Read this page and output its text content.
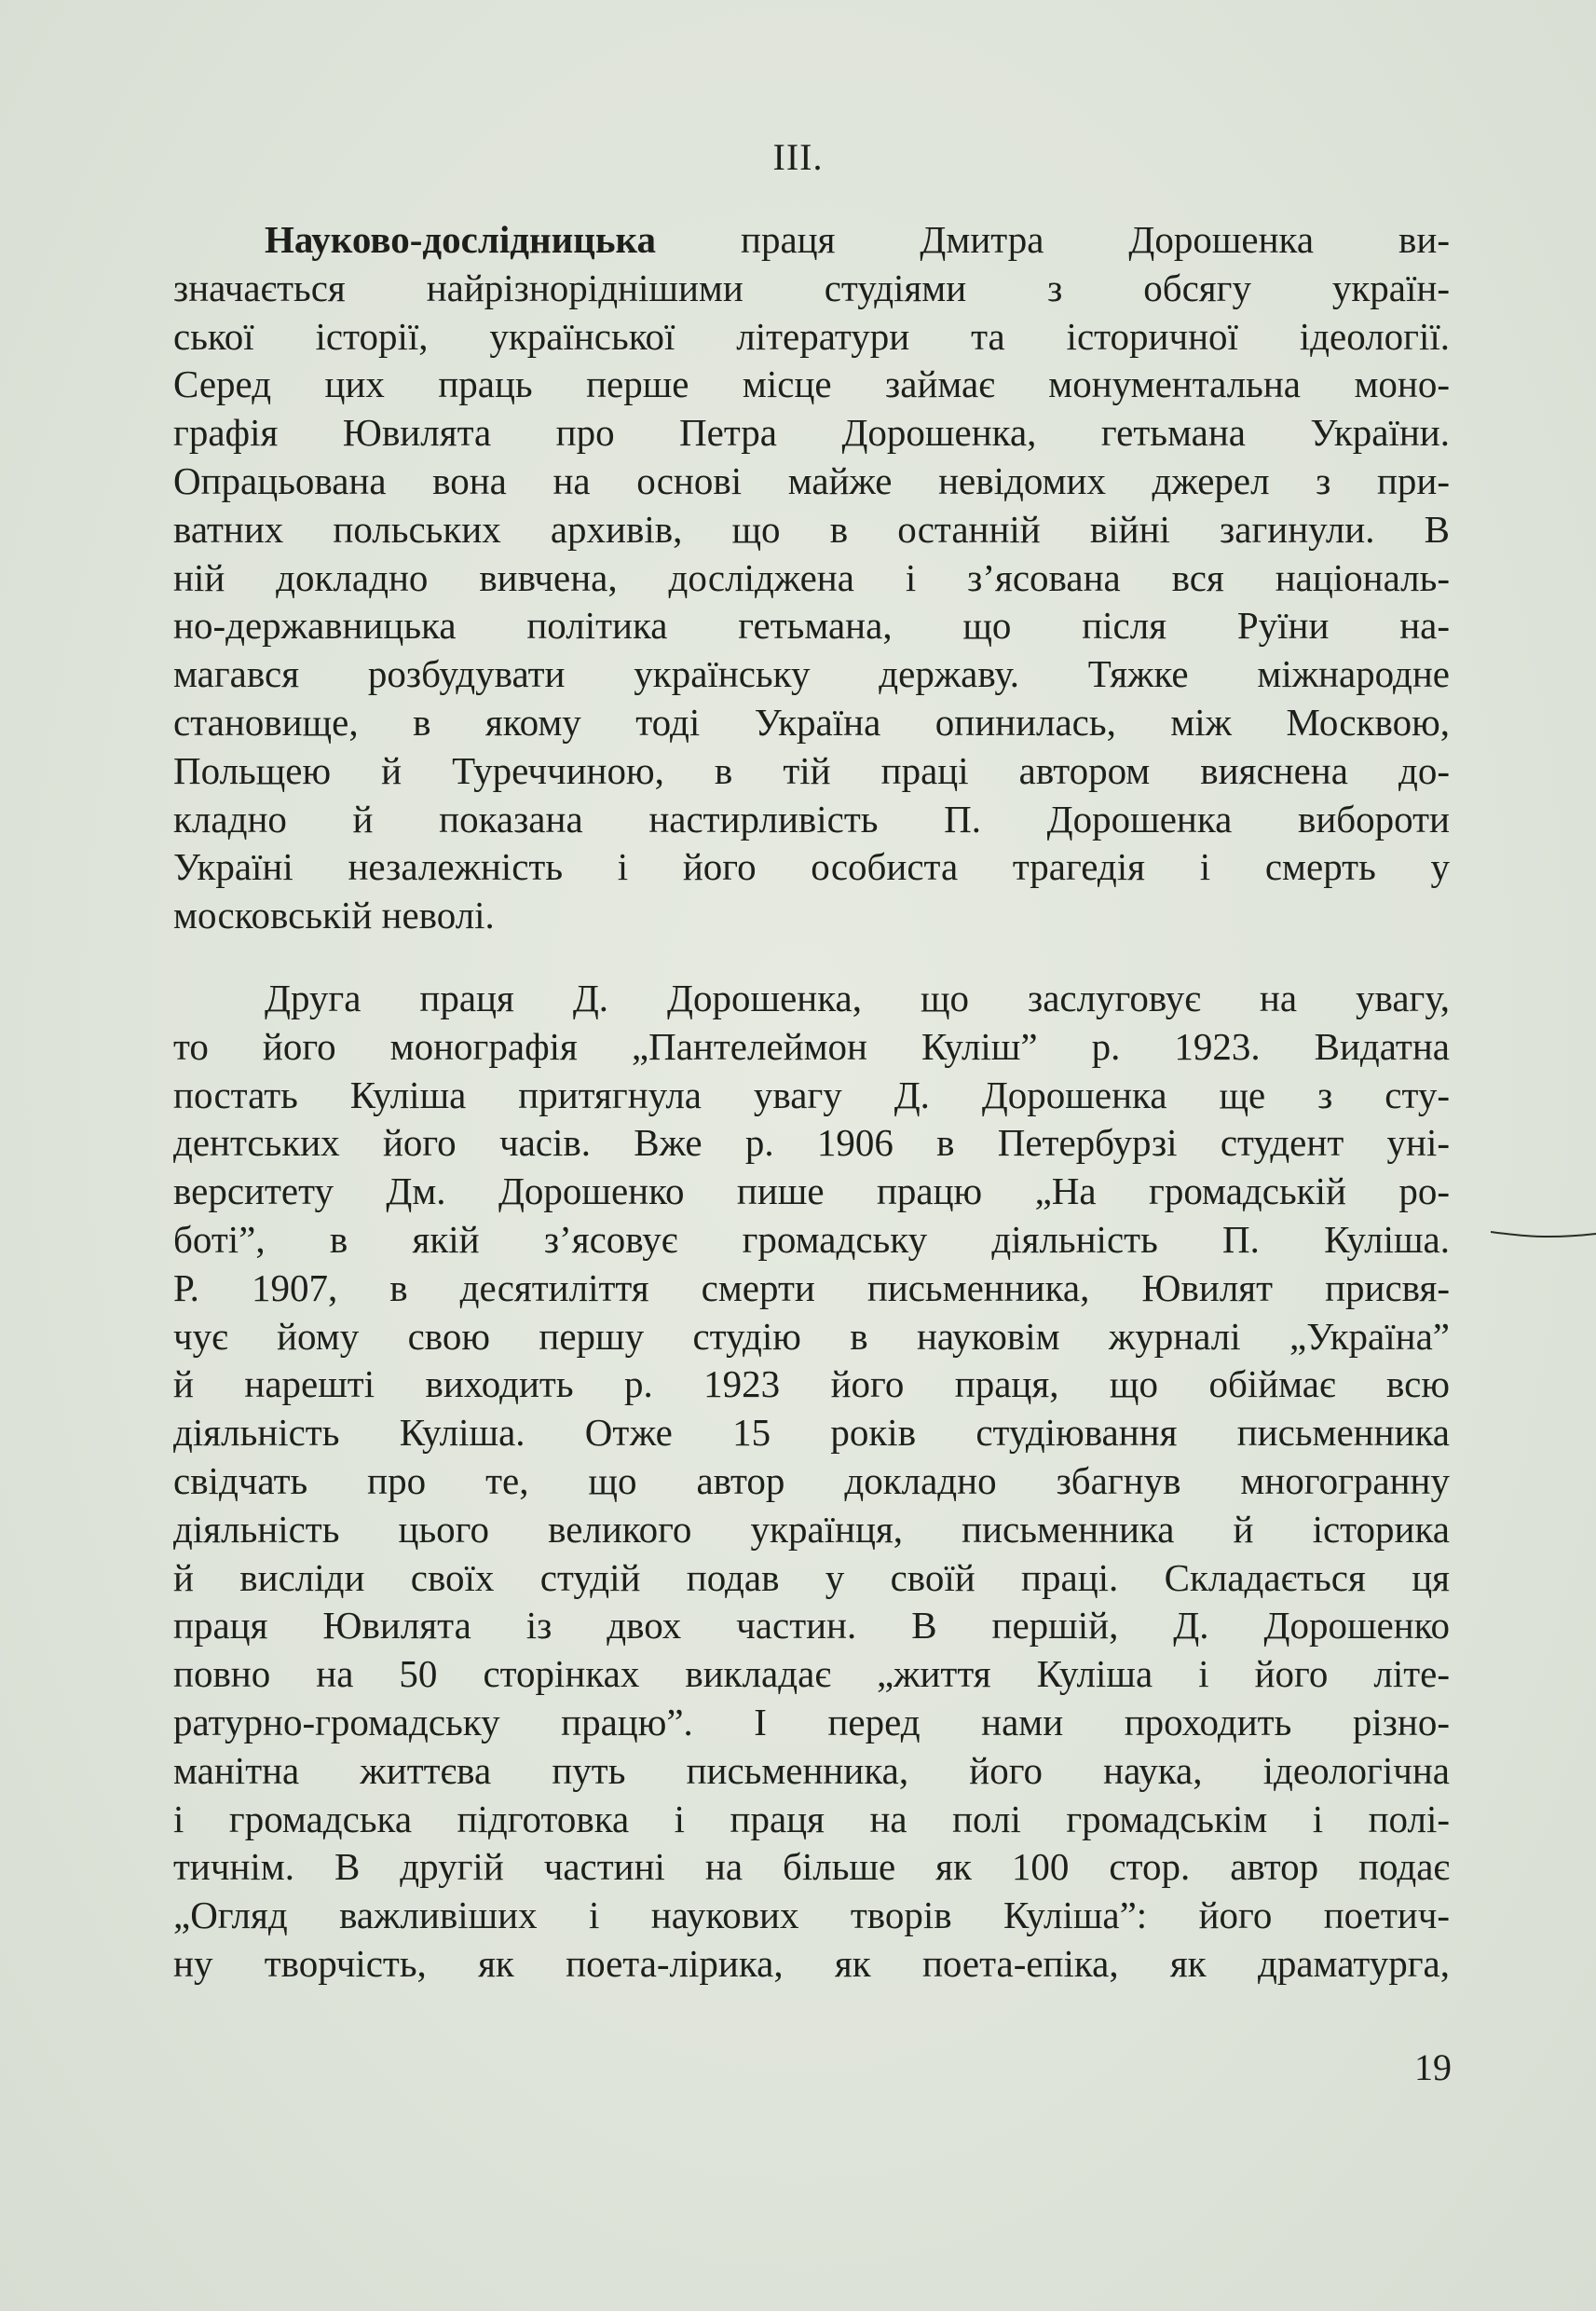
III.
Науково-дослідницька праця Дмитра Дорошенка ви-
значається найрізноріднішими студіями з обсягу україн-
ської історії, української літератури та історичної ідеології.
Серед цих праць перше місце займає монументальна моно-
графія Ювилята про Петра Дорошенка, гетьмана України.
Опрацьована вона на основі майже невідомих джерел з при-
ватних польських архивів, що в останній війні загинули. В
ній докладно вивчена, досліджена і з’ясована вся національ-
но-державницька політика гетьмана, що після Руїни на-
магався розбудувати українську державу. Тяжке міжнародне
становище, в якому тоді Україна опинилась, між Москвою,
Польщею й Туреччиною, в тій праці автором вияснена до-
кладно й показана настирливість П. Дорошенка вибороти
Україні незалежність і його особиста трагедія і смерть у
московській неволі.
Друга праця Д. Дорошенка, що заслуговує на увагу,
то його монографія „Пантелеймон Куліш” р. 1923. Видатна
постать Куліша притягнула увагу Д. Дорошенка ще з сту-
дентських його часів. Вже р. 1906 в Петербурзі студент уні-
верситету Дм. Дорошенко пише працю „На громадській ро-
боті”, в якій з’ясовує громадську діяльність П. Куліша.
Р. 1907, в десятиліття смерти письменника, Ювилят присвя-
чує йому свою першу студію в науковім журналі „Україна”
й нарешті виходить р. 1923 його праця, що обіймає всю
діяльність Куліша. Отже 15 років студіювання письменника
свідчать про те, що автор докладно збагнув многогранну
діяльність цього великого українця, письменника й історика
й висліди своїх студій подав у своїй праці. Складається ця
праця Ювилята із двох частин. В першій, Д. Дорошенко
повно на 50 сторінках викладає „життя Куліша і його літе-
ратурно-громадську працю”. І перед нами проходить різно-
манітна життєва путь письменника, його наука, ідеологічна
і громадська підготовка і праця на полі громадськім і полі-
тичнім. В другій частині на більше як 100 стор. автор подає
„Огляд важливіших і наукових творів Куліша”: його поетич-
ну творчість, як поета-лірика, як поета-епіка, як драматурга,
19
